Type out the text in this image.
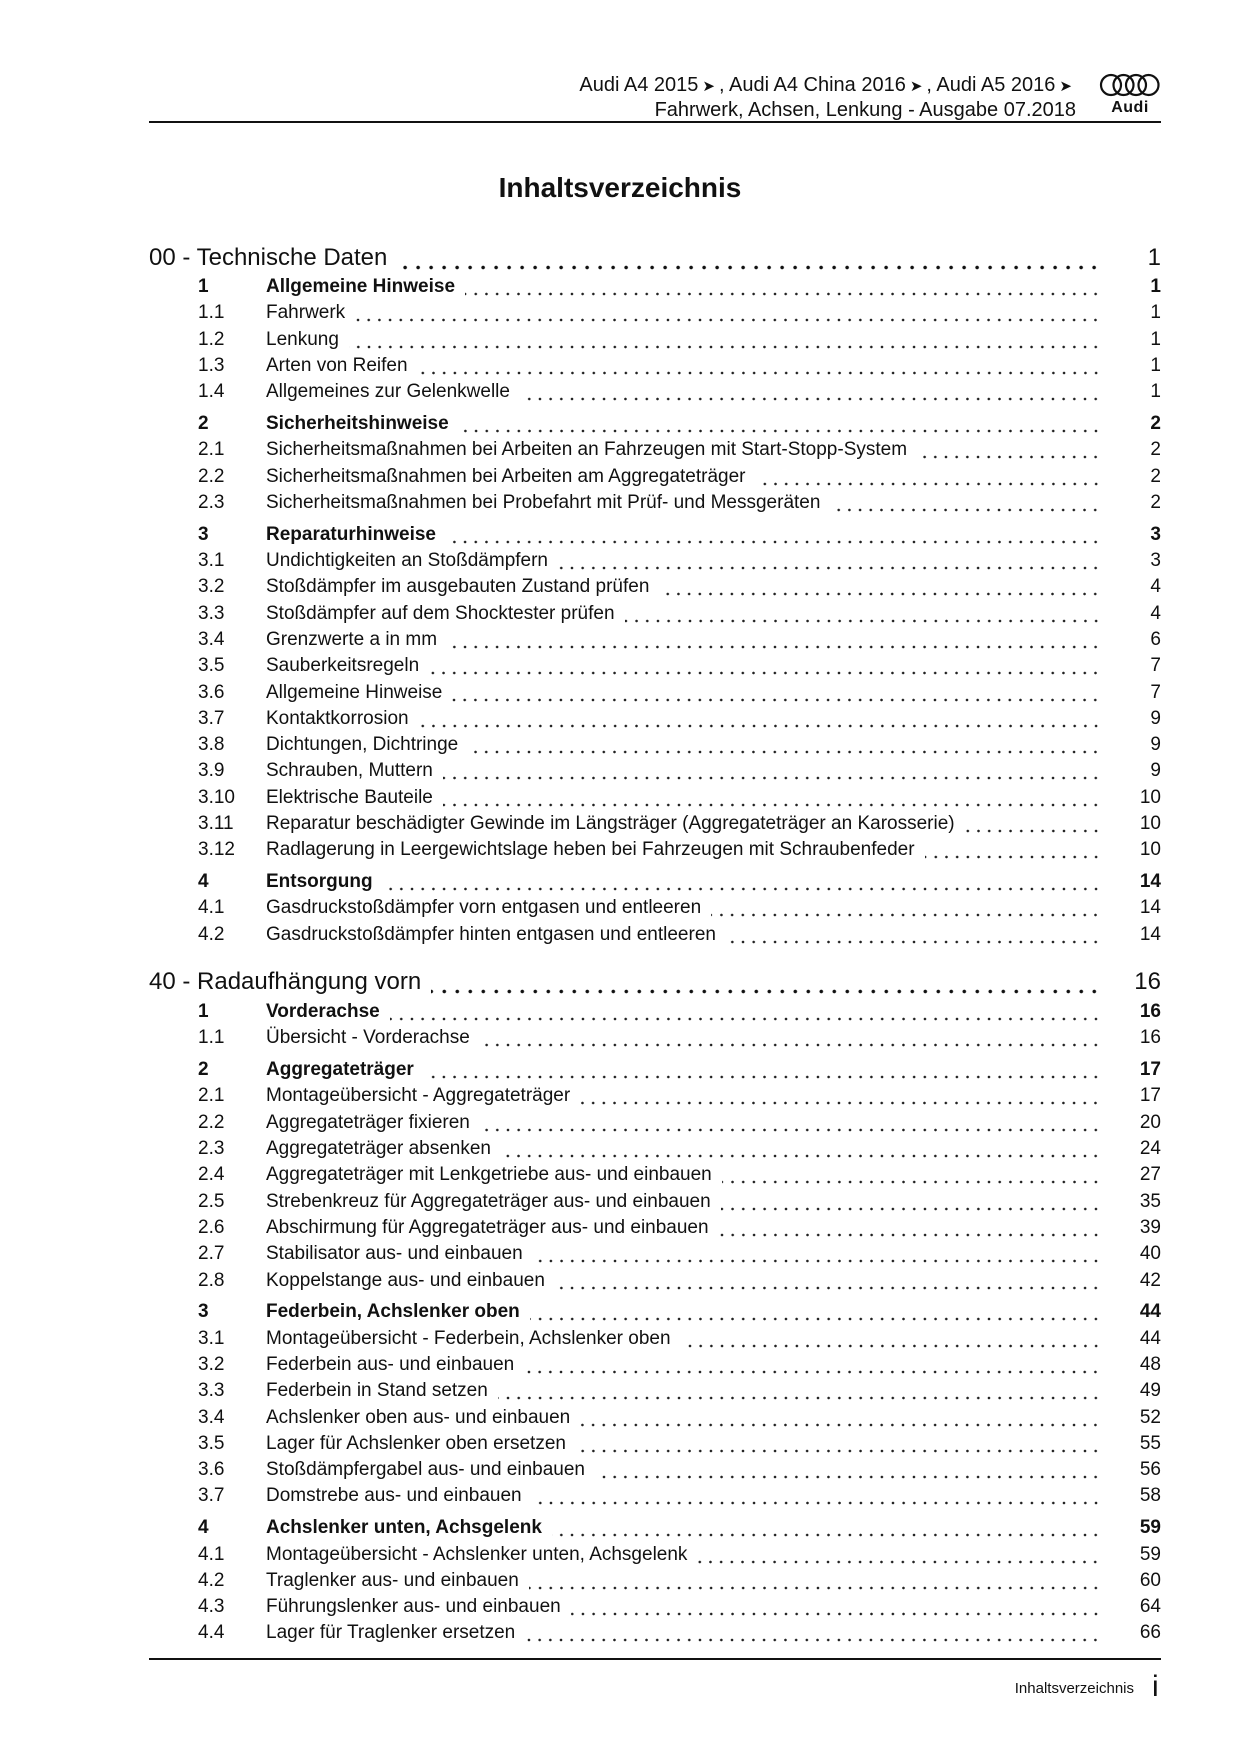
Audi A4 2015 ➤ , Audi A4 China 2016 ➤ , Audi A5 2016 ➤
Fahrwerk, Achsen, Lenkung - Ausgabe 07.2018	Audi
Inhaltsverzeichnis
00 - Technische Daten	1
1	Allgemeine Hinweise	1
1.1	Fahrwerk	1
1.2	Lenkung	1
1.3	Arten von Reifen	1
1.4	Allgemeines zur Gelenkwelle	1
2	Sicherheitshinweise	2
2.1	Sicherheitsmaßnahmen bei Arbeiten an Fahrzeugen mit Start-Stopp-System	2
2.2	Sicherheitsmaßnahmen bei Arbeiten am Aggregateträger	2
2.3	Sicherheitsmaßnahmen bei Probefahrt mit Prüf- und Messgeräten	2
3	Reparaturhinweise	3
3.1	Undichtigkeiten an Stoßdämpfern	3
3.2	Stoßdämpfer im ausgebauten Zustand prüfen	4
3.3	Stoßdämpfer auf dem Shocktester prüfen	4
3.4	Grenzwerte a in mm	6
3.5	Sauberkeitsregeln	7
3.6	Allgemeine Hinweise	7
3.7	Kontaktkorrosion	9
3.8	Dichtungen, Dichtringe	9
3.9	Schrauben, Muttern	9
3.10	Elektrische Bauteile	10
3.11	Reparatur beschädigter Gewinde im Längsträger (Aggregateträger an Karosserie)	10
3.12	Radlagerung in Leergewichtslage heben bei Fahrzeugen mit Schraubenfeder	10
4	Entsorgung	14
4.1	Gasdruckstoßdämpfer vorn entgasen und entleeren	14
4.2	Gasdruckstoßdämpfer hinten entgasen und entleeren	14
40 - Radaufhängung vorn	16
1	Vorderachse	16
1.1	Übersicht - Vorderachse	16
2	Aggregateträger	17
2.1	Montageübersicht - Aggregateträger	17
2.2	Aggregateträger fixieren	20
2.3	Aggregateträger absenken	24
2.4	Aggregateträger mit Lenkgetriebe aus- und einbauen	27
2.5	Strebenkreuz für Aggregateträger aus- und einbauen	35
2.6	Abschirmung für Aggregateträger aus- und einbauen	39
2.7	Stabilisator aus- und einbauen	40
2.8	Koppelstange aus- und einbauen	42
3	Federbein, Achslenker oben	44
3.1	Montageübersicht - Federbein, Achslenker oben	44
3.2	Federbein aus- und einbauen	48
3.3	Federbein in Stand setzen	49
3.4	Achslenker oben aus- und einbauen	52
3.5	Lager für Achslenker oben ersetzen	55
3.6	Stoßdämpfergabel aus- und einbauen	56
3.7	Domstrebe aus- und einbauen	58
4	Achslenker unten, Achsgelenk	59
4.1	Montageübersicht - Achslenker unten, Achsgelenk	59
4.2	Traglenker aus- und einbauen	60
4.3	Führungslenker aus- und einbauen	64
4.4	Lager für Traglenker ersetzen	66
Inhaltsverzeichnis i
